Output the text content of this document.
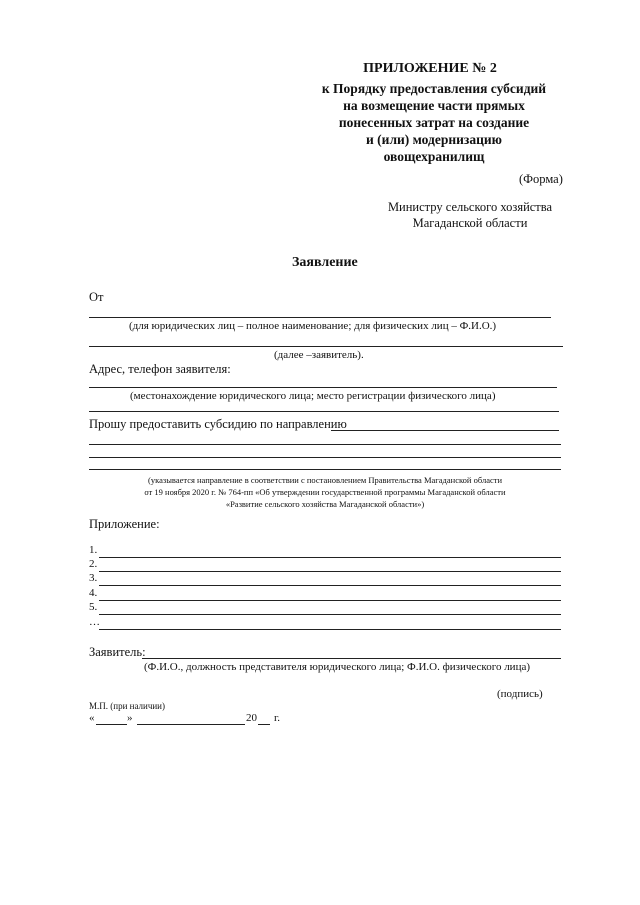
ПРИЛОЖЕНИЕ № 2
к Порядку предоставления субсидий
на возмещение части прямых
понесенных затрат на создание
и (или) модернизацию
овощехранилищ
(Форма)
Министру сельского хозяйства
Магаданской области
Заявление
От
(для юридических лиц – полное наименование; для физических лиц – Ф.И.О.)
(далее –заявитель).
Адрес, телефон заявителя:
(местонахождение юридического лица; место регистрации физического лица)
Прошу предоставить субсидию по направлению
(указывается направление в соответствии с постановлением Правительства Магаданской области
от 19 ноября 2020 г. № 764-пп «Об утверждении государственной программы Магаданской области
«Развитие сельского хозяйства Магаданской области»)
Приложение:
1.
2.
3.
4.
5.
…
Заявитель:
(Ф.И.О., должность представителя юридического лица; Ф.И.О. физического лица)
(подпись)
М.П. (при наличии)
«	»	20 г.
